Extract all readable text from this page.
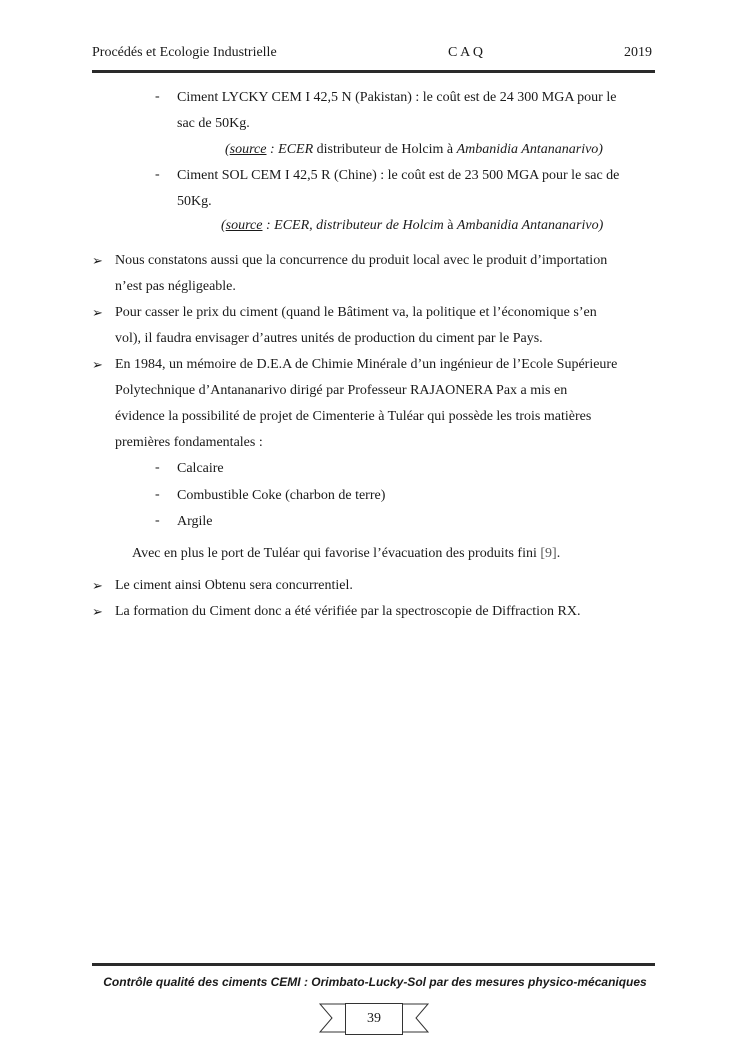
Procédés et Ecologie Industrielle	C A Q	2019
- Ciment LYCKY CEM I 42,5 N (Pakistan) : le coût est de 24 300 MGA pour le
sac de 50Kg.
(source : ECER distributeur de Holcim à Ambanidia Antananarivo)
- Ciment SOL CEM I 42,5 R (Chine) : le coût est de 23 500 MGA pour le sac de
50Kg.
(source : ECER, distributeur de Holcim à Ambanidia Antananarivo)
➢ Nous constatons aussi que la concurrence du produit local avec le produit d’importation
n’est pas négligeable.
➢ Pour casser le prix du ciment (quand le Bâtiment va, la politique et l’économique s’en
vol), il faudra envisager d’autres unités de production du ciment par le Pays.
➢ En 1984, un mémoire de D.E.A de Chimie Minérale d’un ingénieur de l’Ecole Supérieure
Polytechnique d’Antananarivo dirigé par Professeur RAJAONERA Pax a mis en
évidence la possibilité de projet de Cimenterie à Tuléar qui possède les trois matières
premières fondamentales :
- Calcaire
- Combustible Coke (charbon de terre)
- Argile
Avec en plus le port de Tuléar qui favorise l’évacuation des produits fini [9].
➢ Le ciment ainsi Obtenu sera concurrentiel.
➢ La formation du Ciment donc a été vérifiée par la spectroscopie de Diffraction RX.
Contrôle qualité des ciments CEMI : Orimbato-Lucky-Sol par des mesures physico-mécaniques
39
